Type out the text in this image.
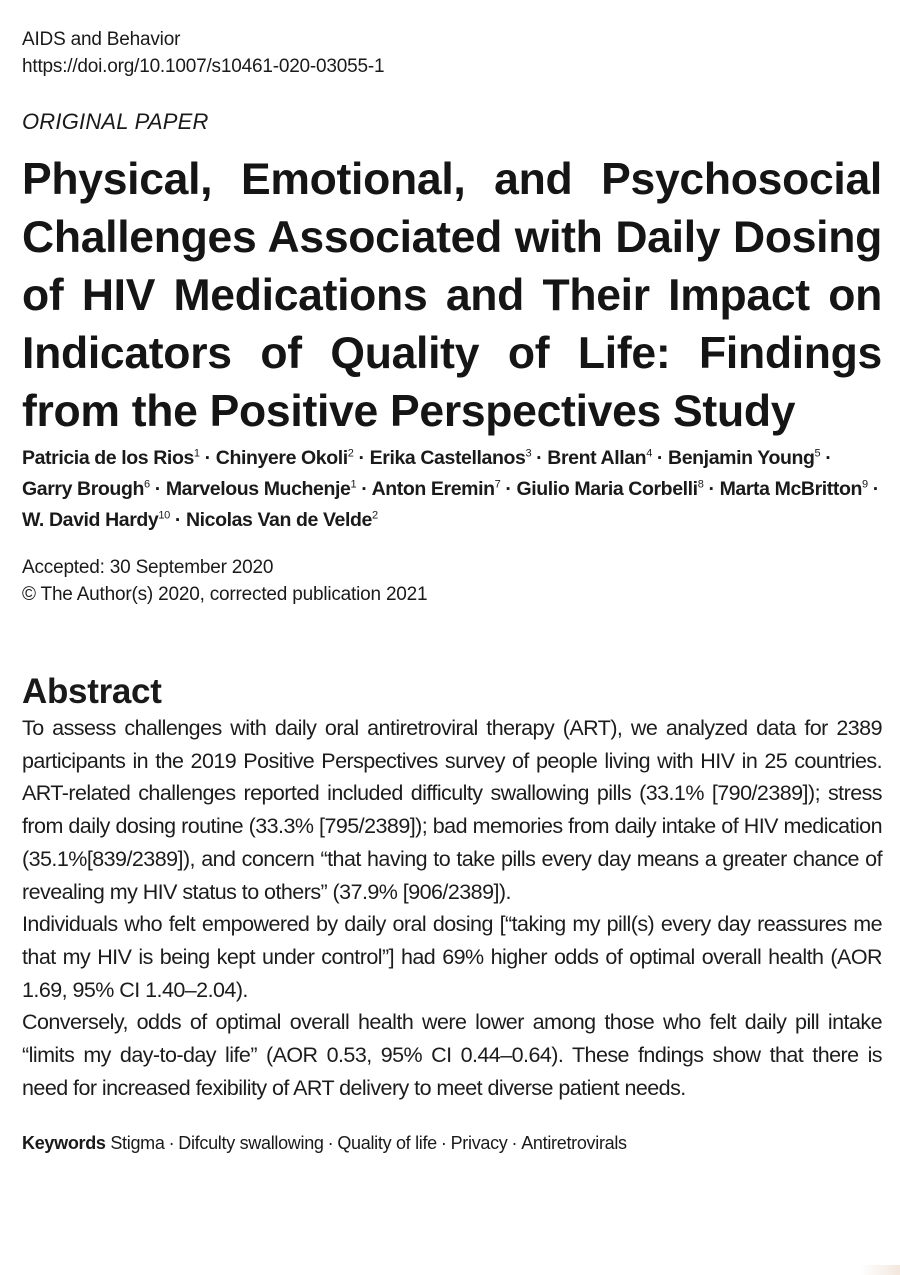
AIDS and Behavior
https://doi.org/10.1007/s10461-020-03055-1
ORIGINAL PAPER
Physical, Emotional, and Psychosocial Challenges Associated with Daily Dosing of HIV Medications and Their Impact on Indicators of Quality of Life: Findings from the Positive Perspectives Study
Patricia de los Rios$^1$ · Chinyere Okoli$^2$ · Erika Castellanos$^3$ · Brent Allan$^4$ · Benjamin Young$^5$ · Garry Brough$^6$ · Marvelous Muchenje$^1$ · Anton Eremin$^7$ · Giulio Maria Corbelli$^8$ · Marta McBritton$^9$ · W. David Hardy$^{10}$ · Nicolas Van de Velde$^2$
Accepted: 30 September 2020
© The Author(s) 2020, corrected publication 2021
Abstract

To assess challenges with daily oral antiretroviral therapy (ART), we analyzed data for 2389 participants in the 2019 Positive Perspectives survey of people living with HIV in 25 countries. ART-related challenges reported included difficulty swallowing pills (33.1% [790/2389]); stress from daily dosing routine (33.3% [795/2389]); bad memories from daily intake of HIV medication (35.1%[839/2389]), and concern “that having to take pills every day means a greater chance of revealing my HIV status to others” (37.9% [906/2389]).

Individuals who felt empowered by daily oral dosing [“taking my pill(s) every day reassures me that my HIV is being kept under control”] had 69% higher odds of optimal overall health (AOR 1.69, 95% CI 1.40–2.04).

Conversely, odds of optimal overall health were lower among those who felt daily pill intake “limits my day-to-day life” (AOR 0.53, 95% CI 0.44–0.64). These fndings show that there is need for increased fexibility of ART delivery to meet diverse patient needs.

Keywords Stigma · Difculty swallowing · Quality of life · Privacy · Antiretrovirals
